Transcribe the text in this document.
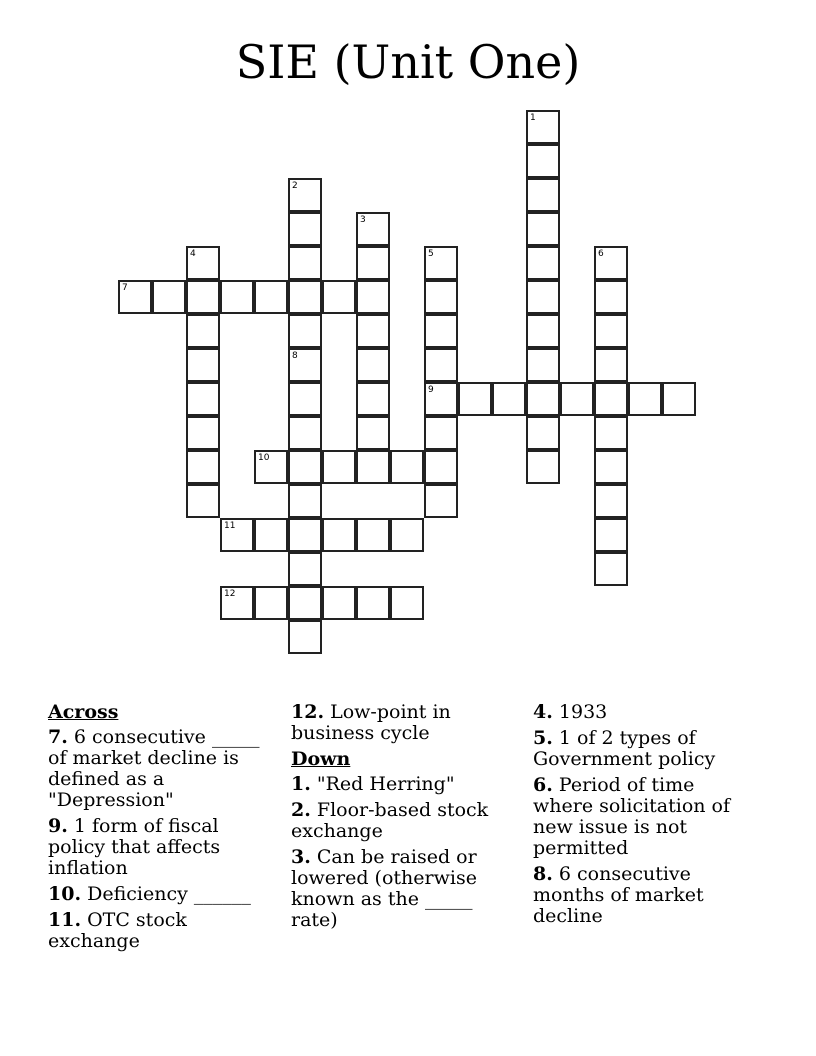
SIE (Unit One)
1
2
8
3
4	5
9
6
7
10
11
12
Across
7. 6 consecutive _____ of market decline is defined as a "Depression"
9. 1 form of fiscal policy that affects inflation
10. Deficiency ______
11. OTC stock exchange
12. Low-point in business cycle
Down
1. "Red Herring"
2. Floor-based stock exchange
3. Can be raised or lowered (otherwise known as the _____ rate)
4. 1933
5. 1 of 2 types of Government policy
6. Period of time where solicitation of new issue is not permitted
8. 6 consecutive months of market decline
